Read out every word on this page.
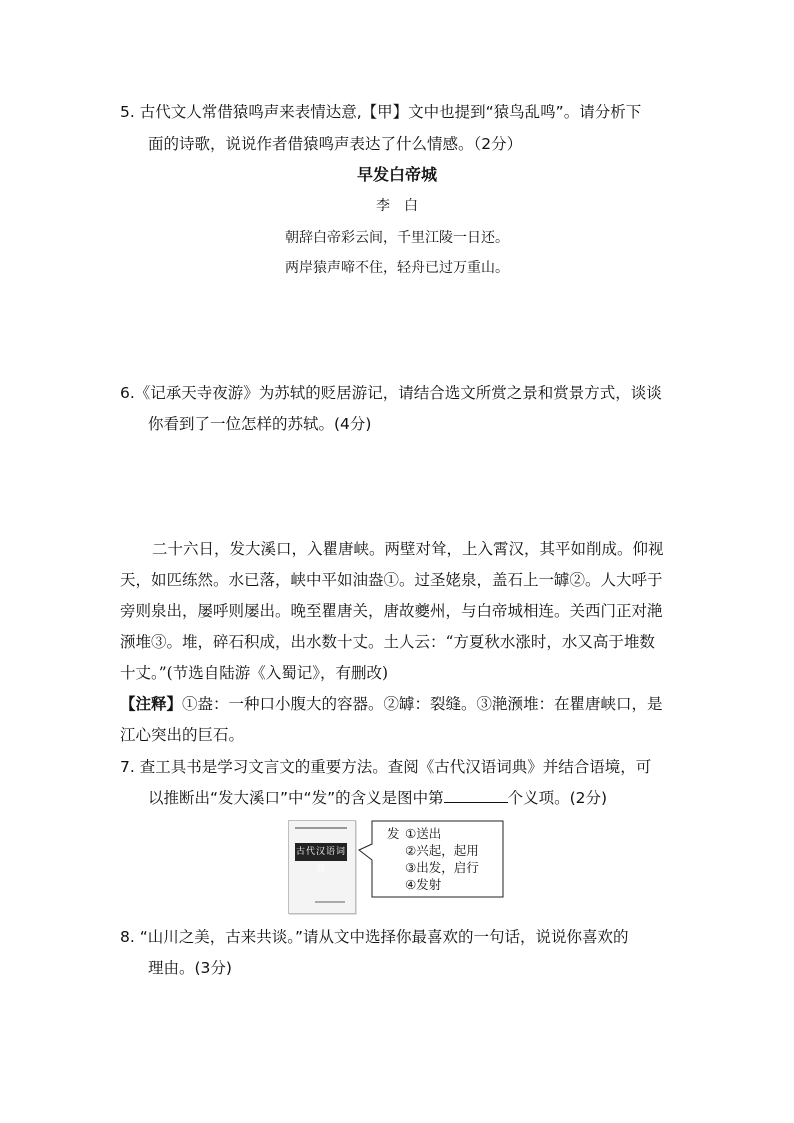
5. 古代文人常借猿鸣声来表情达意,【甲】文中也提到“猿鸟乱鸣”。请分析下
面的诗歌，说说作者借猿鸣声表达了什么情感。（2分）
早发白帝城
李　白
朝辞白帝彩云间，千里江陵一日还。
两岸猿声啼不住，轻舟已过万重山。
6.《记承天寺夜游》为苏轼的贬居游记，请结合选文所赏之景和赏景方式，谈谈
你看到了一位怎样的苏轼。(4分)
二十六日，发大溪口，入瞿唐峡。两壁对耸，上入霄汉，其平如削成。仰视
天，如匹练然。水已落，峡中平如油盎①。过圣姥泉，盖石上一罅②。人大呼于
旁则泉出，屡呼则屡出。晚至瞿唐关，唐故夔州，与白帝城相连。关西门正对滟
滪堆③。堆，碎石积成，出水数十丈。土人云：“方夏秋水涨时，水又高于堆数
十丈。”(节选自陆游《入蜀记》，有删改)
【注释】①盎：一种口小腹大的容器。②罅：裂缝。③滟滪堆：在瞿唐峡口，是
江心突出的巨石。
7. 查工具书是学习文言文的重要方法。查阅《古代汉语词典》并结合语境，可
以推断出“发大溪口”中“发”的含义是图中第	个义项。(2分)
古代汉语词典
发 ①送出
②兴起，起用
③出发，启行
④发射
8. “山川之美，古来共谈。”请从文中选择你最喜欢的一句话，说说你喜欢的
理由。(3分)
